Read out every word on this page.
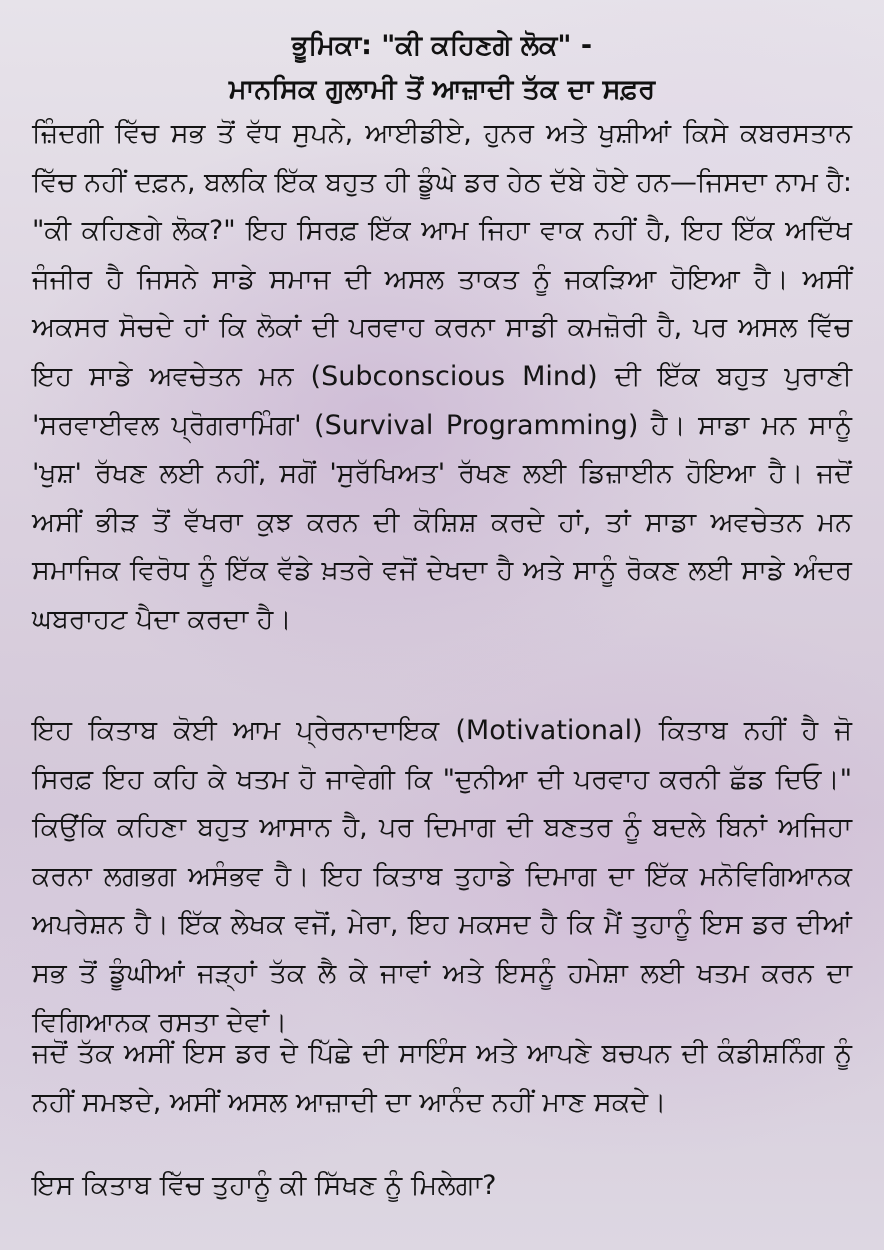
ਭੂਮਿਕਾ: "ਕੀ ਕਹਿਣਗੇ ਲੋਕ" -
ਮਾਨਸਿਕ ਗੁਲਾਮੀ ਤੋਂ ਆਜ਼ਾਦੀ ਤੱਕ ਦਾ ਸਫ਼ਰ

ਜ਼ਿੰਦਗੀ ਵਿੱਚ ਸਭ ਤੋਂ ਵੱਧ ਸੁਪਨੇ, ਆਈਡੀਏ, ਹੁਨਰ ਅਤੇ ਖੁਸ਼ੀਆਂ ਕਿਸੇ ਕਬਰਸਤਾਨ ਵਿੱਚ ਨਹੀਂ ਦਫ਼ਨ, ਬਲਕਿ ਇੱਕ ਬਹੁਤ ਹੀ ਡੂੰਘੇ ਡਰ ਹੇਠ ਦੱਬੇ ਹੋਏ ਹਨ—ਜਿਸਦਾ ਨਾਮ ਹੈ: "ਕੀ ਕਹਿਣਗੇ ਲੋਕ?" ਇਹ ਸਿਰਫ਼ ਇੱਕ ਆਮ ਜਿਹਾ ਵਾਕ ਨਹੀਂ ਹੈ, ਇਹ ਇੱਕ ਅਦਿੱਖ ਜੰਜੀਰ ਹੈ ਜਿਸਨੇ ਸਾਡੇ ਸਮਾਜ ਦੀ ਅਸਲ ਤਾਕਤ ਨੂੰ ਜਕੜਿਆ ਹੋਇਆ ਹੈ। ਅਸੀਂ ਅਕਸਰ ਸੋਚਦੇ ਹਾਂ ਕਿ ਲੋਕਾਂ ਦੀ ਪਰਵਾਹ ਕਰਨਾ ਸਾਡੀ ਕਮਜ਼ੋਰੀ ਹੈ, ਪਰ ਅਸਲ ਵਿੱਚ ਇਹ ਸਾਡੇ ਅਵਚੇਤਨ ਮਨ (Subconscious Mind) ਦੀ ਇੱਕ ਬਹੁਤ ਪੁਰਾਣੀ 'ਸਰਵਾਈਵਲ ਪ੍ਰੋਗਰਾਮਿੰਗ' (Survival Programming) ਹੈ। ਸਾਡਾ ਮਨ ਸਾਨੂੰ 'ਖੁਸ਼' ਰੱਖਣ ਲਈ ਨਹੀਂ, ਸਗੋਂ 'ਸੁਰੱਖਿਅਤ' ਰੱਖਣ ਲਈ ਡਿਜ਼ਾਈਨ ਹੋਇਆ ਹੈ। ਜਦੋਂ ਅਸੀਂ ਭੀੜ ਤੋਂ ਵੱਖਰਾ ਕੁਝ ਕਰਨ ਦੀ ਕੋਸ਼ਿਸ਼ ਕਰਦੇ ਹਾਂ, ਤਾਂ ਸਾਡਾ ਅਵਚੇਤਨ ਮਨ ਸਮਾਜਿਕ ਵਿਰੋਧ ਨੂੰ ਇੱਕ ਵੱਡੇ ਖ਼ਤਰੇ ਵਜੋਂ ਦੇਖਦਾ ਹੈ ਅਤੇ ਸਾਨੂੰ ਰੋਕਣ ਲਈ ਸਾਡੇ ਅੰਦਰ ਘਬਰਾਹਟ ਪੈਦਾ ਕਰਦਾ ਹੈ।

ਇਹ ਕਿਤਾਬ ਕੋਈ ਆਮ ਪ੍ਰੇਰਨਾਦਾਇਕ (Motivational) ਕਿਤਾਬ ਨਹੀਂ ਹੈ ਜੋ ਸਿਰਫ਼ ਇਹ ਕਹਿ ਕੇ ਖਤਮ ਹੋ ਜਾਵੇਗੀ ਕਿ "ਦੁਨੀਆ ਦੀ ਪਰਵਾਹ ਕਰਨੀ ਛੱਡ ਦਿਓ।" ਕਿਉਂਕਿ ਕਹਿਣਾ ਬਹੁਤ ਆਸਾਨ ਹੈ, ਪਰ ਦਿਮਾਗ ਦੀ ਬਣਤਰ ਨੂੰ ਬਦਲੇ ਬਿਨਾਂ ਅਜਿਹਾ ਕਰਨਾ ਲਗਭਗ ਅਸੰਭਵ ਹੈ। ਇਹ ਕਿਤਾਬ ਤੁਹਾਡੇ ਦਿਮਾਗ ਦਾ ਇੱਕ ਮਨੋਵਿਗਿਆਨਕ ਅਪਰੇਸ਼ਨ ਹੈ। ਇੱਕ ਲੇਖਕ ਵਜੋਂ, ਮੇਰਾ, ਇਹ ਮਕਸਦ ਹੈ ਕਿ ਮੈਂ ਤੁਹਾਨੂੰ ਇਸ ਡਰ ਦੀਆਂ ਸਭ ਤੋਂ ਡੂੰਘੀਆਂ ਜੜ੍ਹਾਂ ਤੱਕ ਲੈ ਕੇ ਜਾਵਾਂ ਅਤੇ ਇਸਨੂੰ ਹਮੇਸ਼ਾ ਲਈ ਖਤਮ ਕਰਨ ਦਾ ਵਿਗਿਆਨਕ ਰਸਤਾ ਦੇਵਾਂ।

ਜਦੋਂ ਤੱਕ ਅਸੀਂ ਇਸ ਡਰ ਦੇ ਪਿੱਛੇ ਦੀ ਸਾਇੰਸ ਅਤੇ ਆਪਣੇ ਬਚਪਨ ਦੀ ਕੰਡੀਸ਼ਨਿੰਗ ਨੂੰ ਨਹੀਂ ਸਮਝਦੇ, ਅਸੀਂ ਅਸਲ ਆਜ਼ਾਦੀ ਦਾ ਆਨੰਦ ਨਹੀਂ ਮਾਣ ਸਕਦੇ।

ਇਸ ਕਿਤਾਬ ਵਿੱਚ ਤੁਹਾਨੂੰ ਕੀ ਸਿੱਖਣ ਨੂੰ ਮਿਲੇਗਾ?
